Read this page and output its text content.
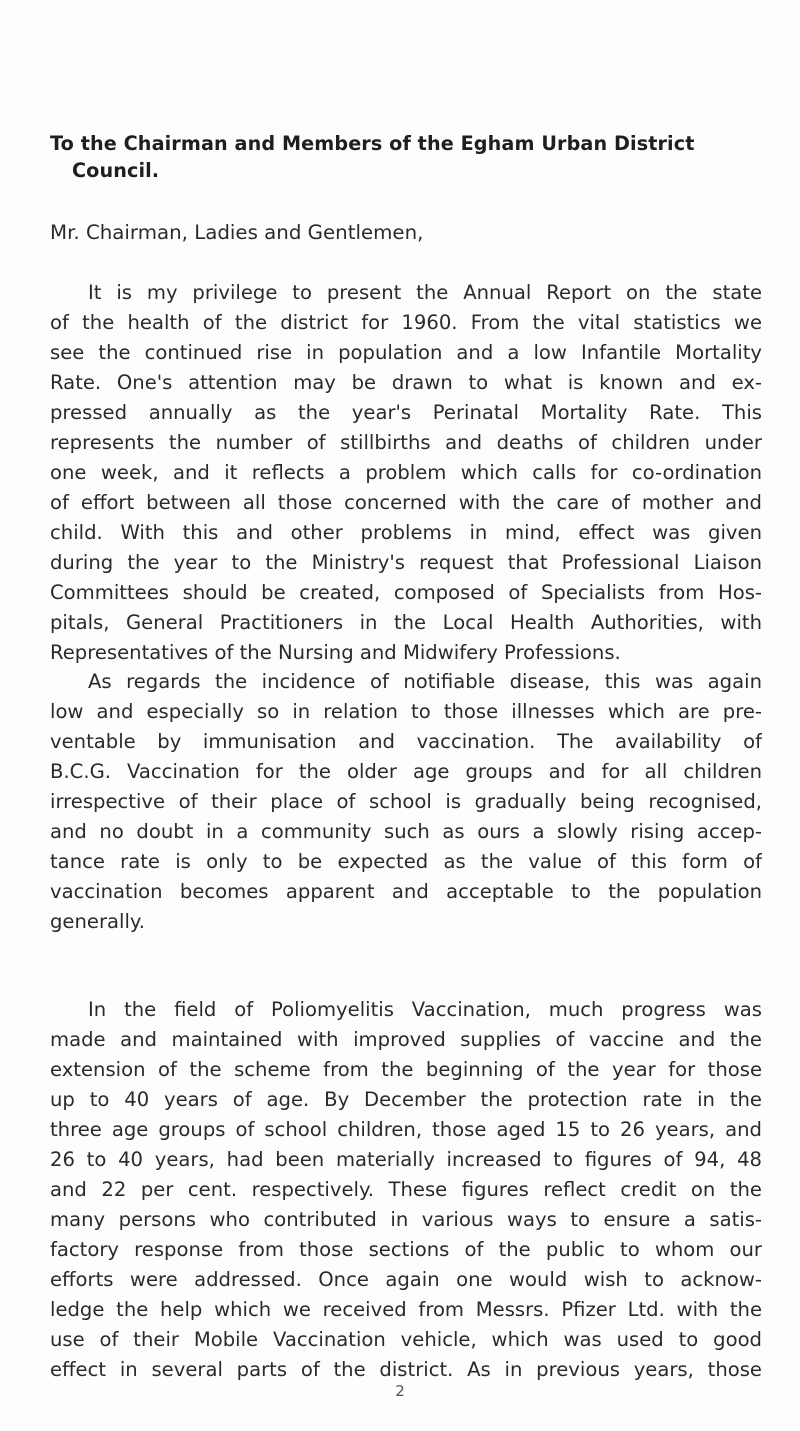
To the Chairman and Members of the Egham Urban District
Council.
Mr. Chairman, Ladies and Gentlemen,

It is my privilege to present the Annual Report on the state
of the health of the district for 1960. From the vital statistics we
see the continued rise in population and a low Infantile Mortality
Rate. One's attention may be drawn to what is known and ex-
pressed annually as the year's Perinatal Mortality Rate. This
represents the number of stillbirths and deaths of children under
one week, and it reflects a problem which calls for co-ordination
of effort between all those concerned with the care of mother and
child. With this and other problems in mind, effect was given
during the year to the Ministry's request that Professional Liaison
Committees should be created, composed of Specialists from Hos-
pitals, General Practitioners in the Local Health Authorities, with
Representatives of the Nursing and Midwifery Professions.

As regards the incidence of notifiable disease, this was again
low and especially so in relation to those illnesses which are pre-
ventable by immunisation and vaccination. The availability of
B.C.G. Vaccination for the older age groups and for all children
irrespective of their place of school is gradually being recognised,
and no doubt in a community such as ours a slowly rising accep-
tance rate is only to be expected as the value of this form of
vaccination becomes apparent and acceptable to the population
generally.

In the field of Poliomyelitis Vaccination, much progress was
made and maintained with improved supplies of vaccine and the
extension of the scheme from the beginning of the year for those
up to 40 years of age. By December the protection rate in the
three age groups of school children, those aged 15 to 26 years, and
26 to 40 years, had been materially increased to figures of 94, 48
and 22 per cent. respectively. These figures reflect credit on the
many persons who contributed in various ways to ensure a satis-
factory response from those sections of the public to whom our
efforts were addressed. Once again one would wish to acknow-
ledge the help which we received from Messrs. Pfizer Ltd. with the
use of their Mobile Vaccination vehicle, which was used to good
effect in several parts of the district. As in previous years, those

2
